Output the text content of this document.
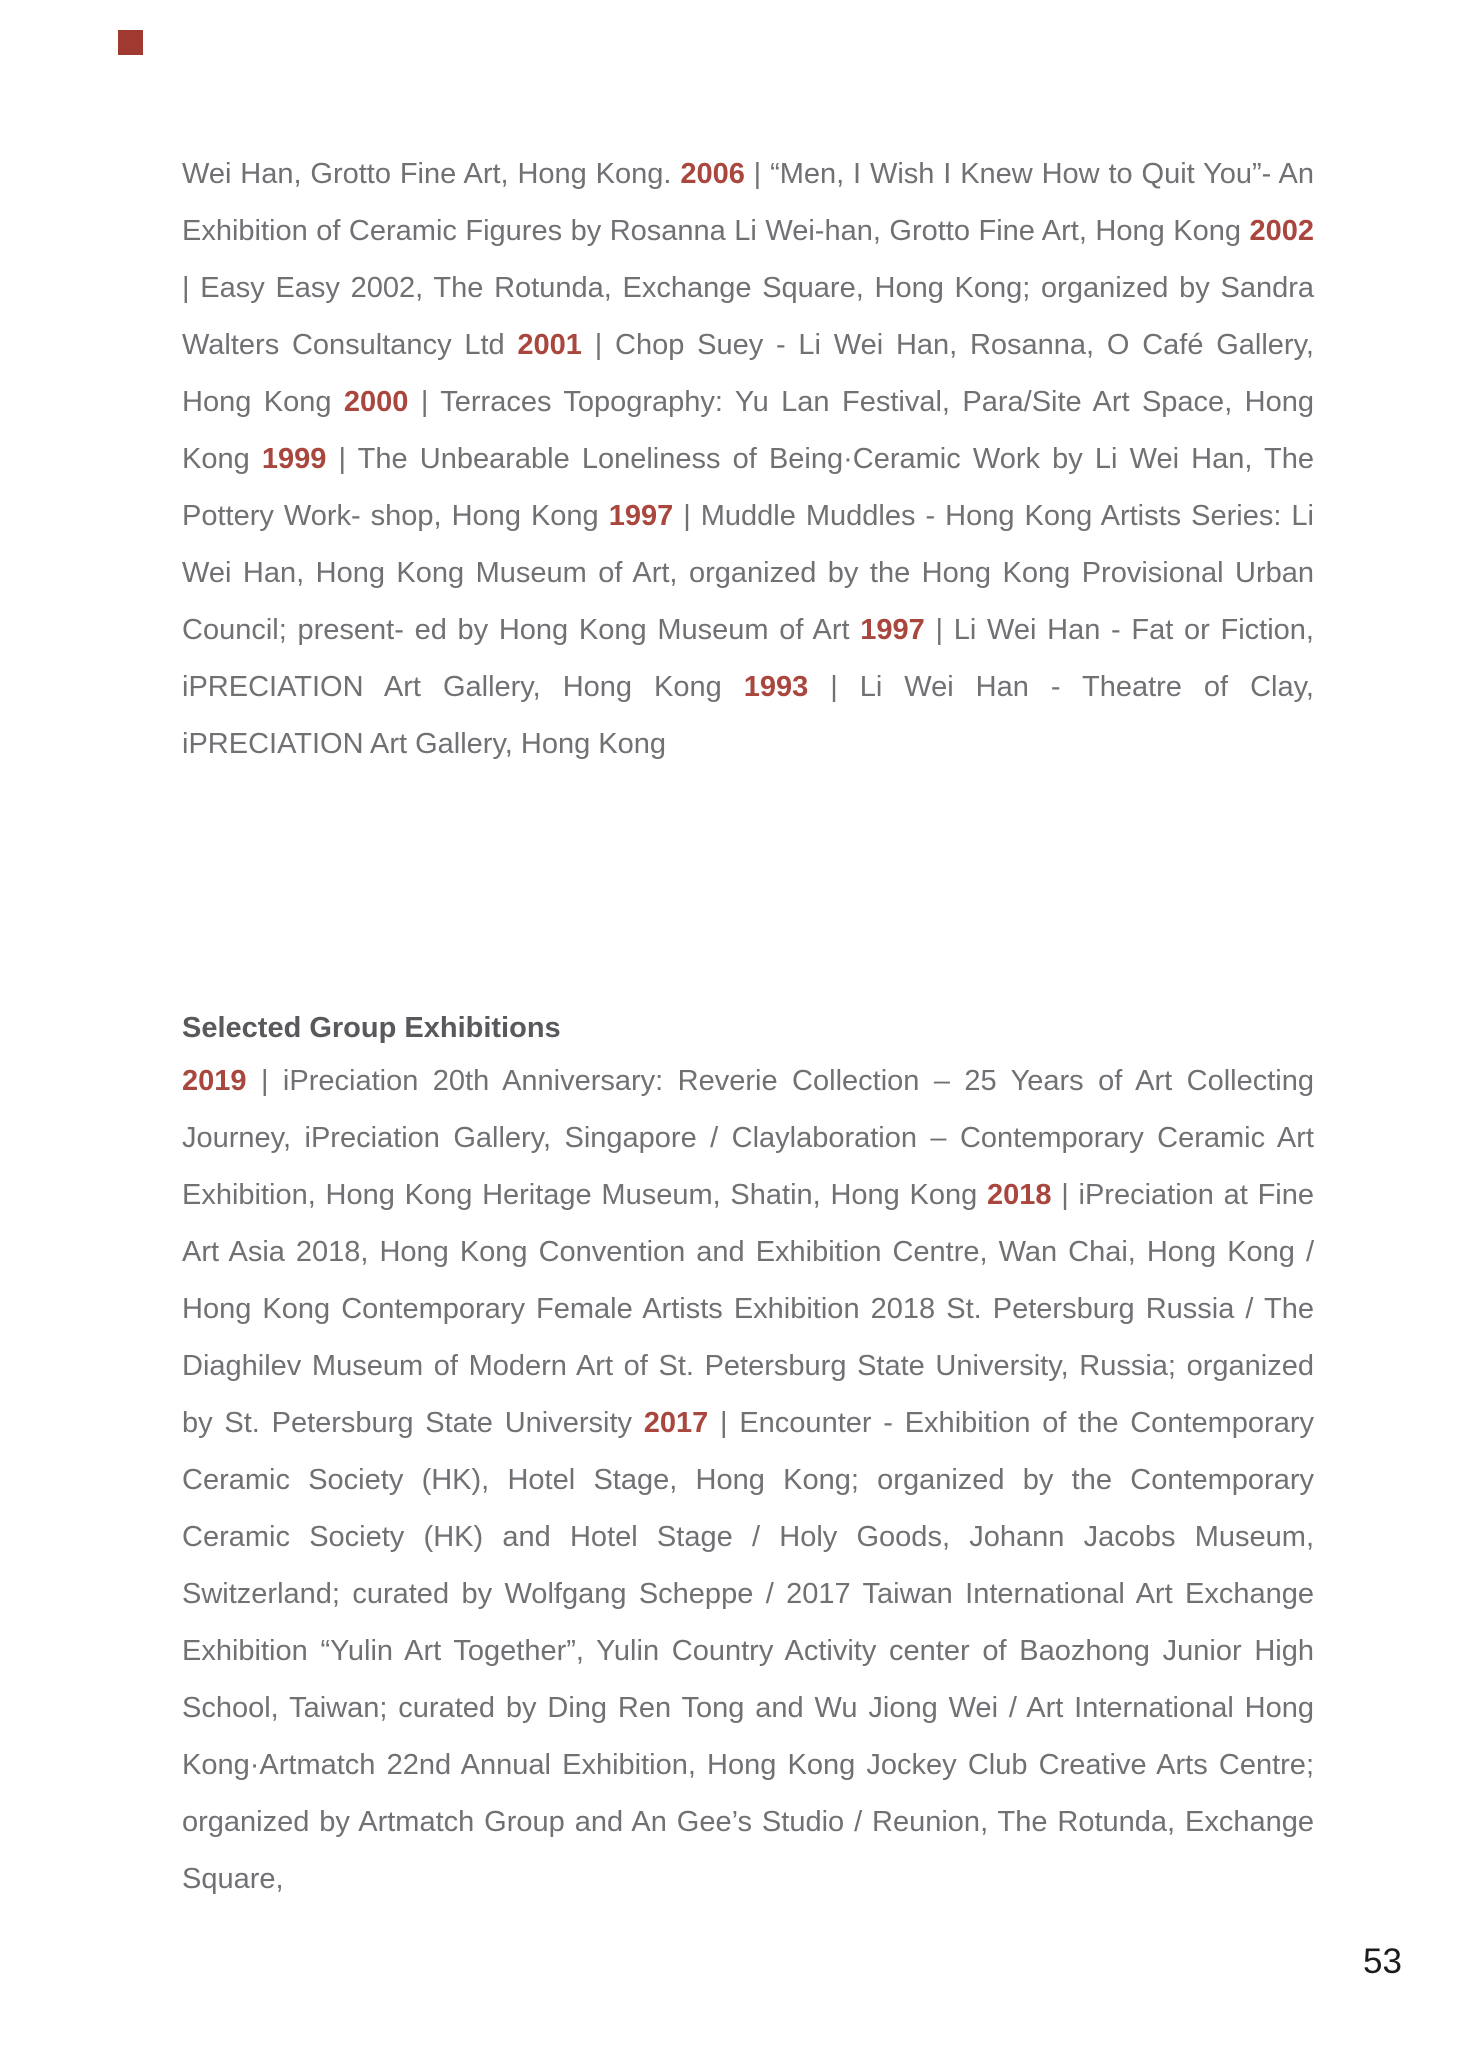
Wei Han, Grotto Fine Art, Hong Kong. 2006 | “Men, I Wish I Knew How to Quit You”- An Exhibition of Ceramic Figures by Rosanna Li Wei-han, Grotto Fine Art, Hong Kong 2002 | Easy Easy 2002, The Rotunda, Exchange Square, Hong Kong; organized by Sandra Walters Consultancy Ltd 2001 | Chop Suey - Li Wei Han, Rosanna, O Café Gallery, Hong Kong 2000 | Terraces Topography: Yu Lan Festival, Para/Site Art Space, Hong Kong 1999 | The Unbearable Loneliness of Being·Ceramic Work by Li Wei Han, The Pottery Work- shop, Hong Kong 1997 | Muddle Muddles - Hong Kong Artists Series: Li Wei Han, Hong Kong Museum of Art, organized by the Hong Kong Provisional Urban Council; present- ed by Hong Kong Museum of Art 1997 | Li Wei Han - Fat or Fiction, iPRECIATION Art Gallery, Hong Kong 1993 | Li Wei Han - Theatre of Clay, iPRECIATION Art Gallery, Hong Kong

Selected Group Exhibitions

2019 | iPreciation 20th Anniversary: Reverie Collection – 25 Years of Art Collecting Journey, iPreciation Gallery, Singapore / Claylaboration – Contemporary Ceramic Art Exhibition, Hong Kong Heritage Museum, Shatin, Hong Kong 2018 | iPreciation at Fine Art Asia 2018, Hong Kong Convention and Exhibition Centre, Wan Chai, Hong Kong / Hong Kong Contemporary Female Artists Exhibition 2018 St. Petersburg Russia / The Diaghilev Museum of Modern Art of St. Petersburg State University, Russia; organized by St. Petersburg State University 2017 | Encounter - Exhibition of the Contemporary Ceramic Society (HK), Hotel Stage, Hong Kong; organized by the Contemporary Ceramic Society (HK) and Hotel Stage / Holy Goods, Johann Jacobs Museum, Switzerland; curated by Wolfgang Scheppe / 2017 Taiwan International Art Exchange Exhibition “Yulin Art Together”, Yulin Country Activity center of Baozhong Junior High School, Taiwan; curated by Ding Ren Tong and Wu Jiong Wei / Art International Hong Kong·Artmatch 22nd Annual Exhibition, Hong Kong Jockey Club Creative Arts Centre; organized by Artmatch Group and An Gee’s Studio / Reunion, The Rotunda, Exchange Square,

53
